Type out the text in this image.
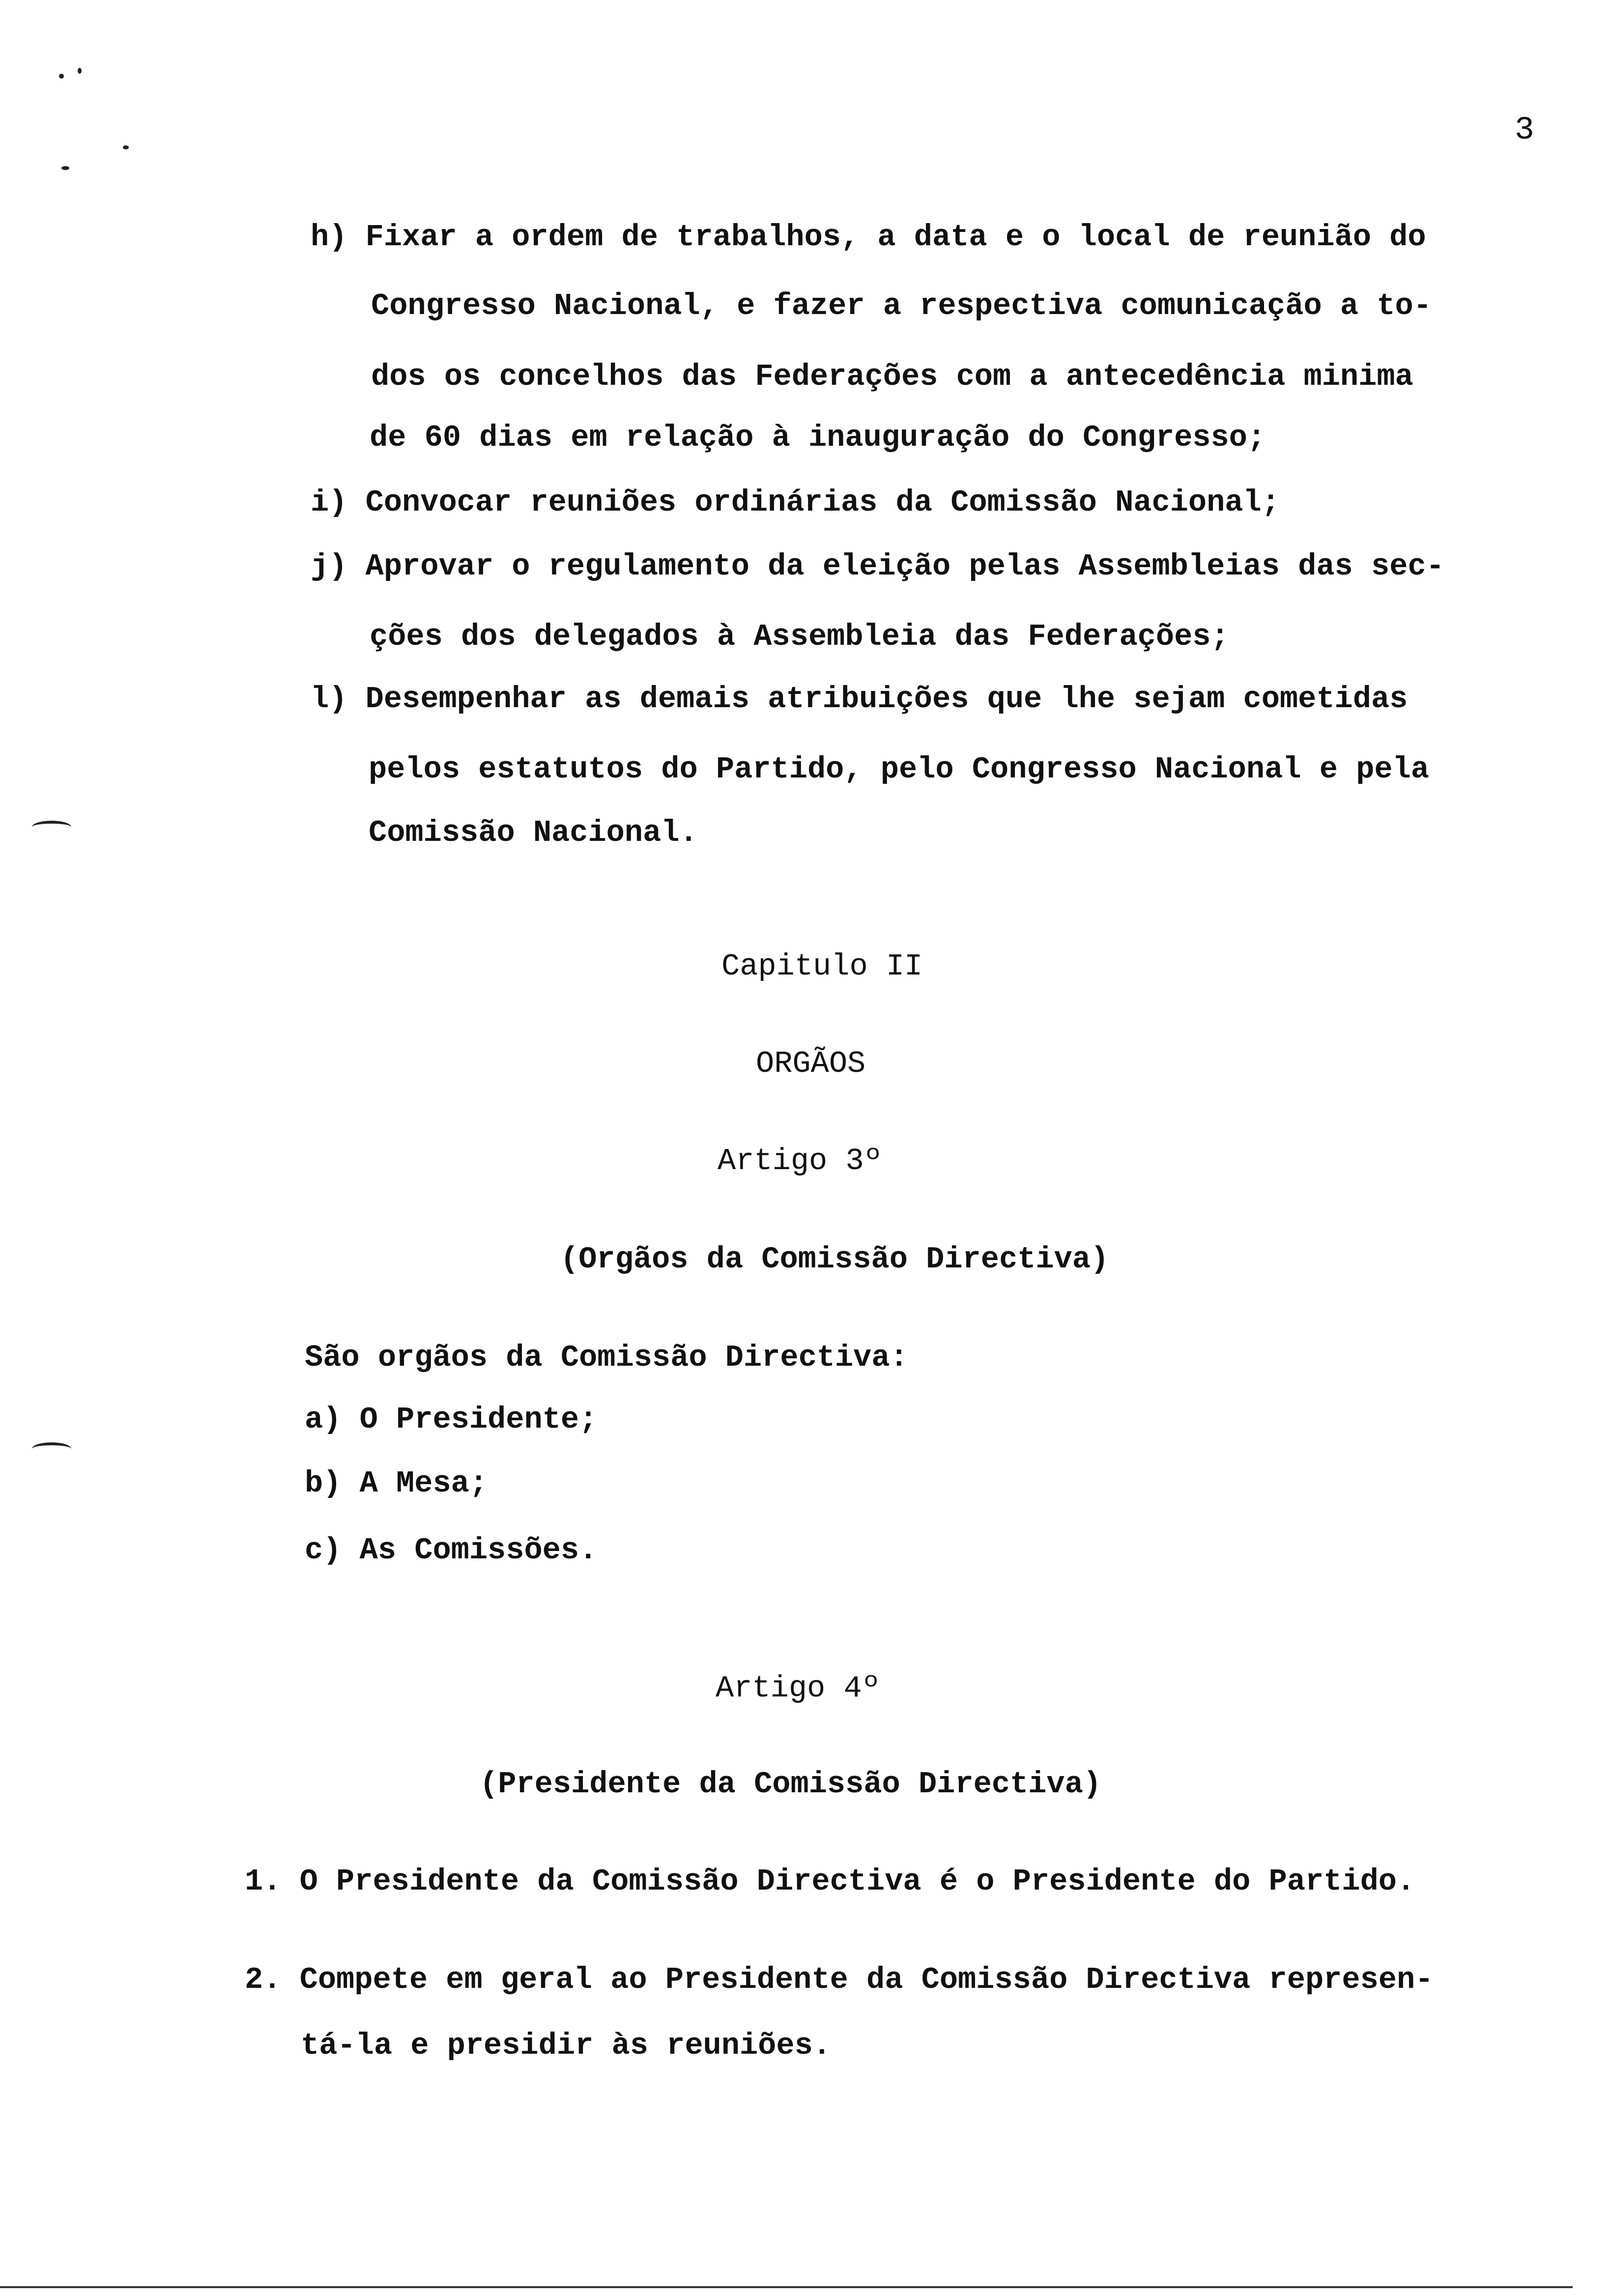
3
h) Fixar a ordem de trabalhos, a data e o local de reunião do
Congresso Nacional, e fazer a respectiva comunicação a to-
dos os concelhos das Federações com a antecedência minima
de 60 dias em relação à inauguração do Congresso;
i) Convocar reuniões ordinárias da Comissão Nacional;
j) Aprovar o regulamento da eleição pelas Assembleias das sec-
ções dos delegados à Assembleia das Federações;
l) Desempenhar as demais atribuições que lhe sejam cometidas
pelos estatutos do Partido, pelo Congresso Nacional e pela
Comissão Nacional.
Capitulo II
ORGÃOS
Artigo 3º
(Orgãos da Comissão Directiva)
São orgãos da Comissão Directiva:
a) O Presidente;
b) A Mesa;
c) As Comissões.
Artigo 4º
(Presidente da Comissão Directiva)
1. O Presidente da Comissão Directiva é o Presidente do Partido.
2. Compete em geral ao Presidente da Comissão Directiva represen-
tá-la e presidir às reuniões.
